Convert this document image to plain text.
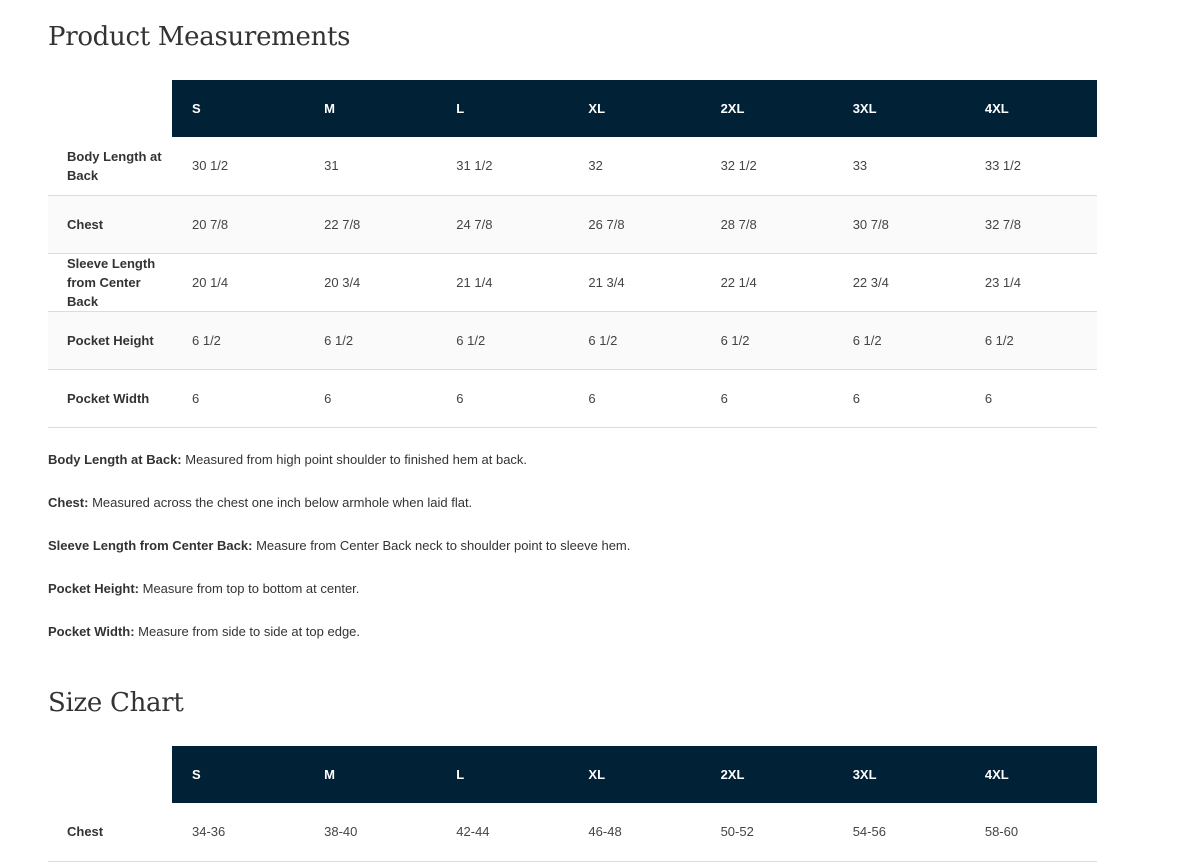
Product Measurements
	S	M	L	XL	2XL	3XL	4XL
Body Length at Back	30 1/2	31	31 1/2	32	32 1/2	33	33 1/2
Chest	20 7/8	22 7/8	24 7/8	26 7/8	28 7/8	30 7/8	32 7/8
Sleeve Length from Center Back	20 1/4	20 3/4	21 1/4	21 3/4	22 1/4	22 3/4	23 1/4
Pocket Height	6 1/2	6 1/2	6 1/2	6 1/2	6 1/2	6 1/2	6 1/2
Pocket Width	6	6	6	6	6	6	6

Body Length at Back: Measured from high point shoulder to finished hem at back.

Chest: Measured across the chest one inch below armhole when laid flat.

Sleeve Length from Center Back: Measure from Center Back neck to shoulder point to sleeve hem.

Pocket Height: Measure from top to bottom at center.

Pocket Width: Measure from side to side at top edge.

Size Chart
	S	M	L	XL	2XL	3XL	4XL
Chest	34-36	38-40	42-44	46-48	50-52	54-56	58-60
